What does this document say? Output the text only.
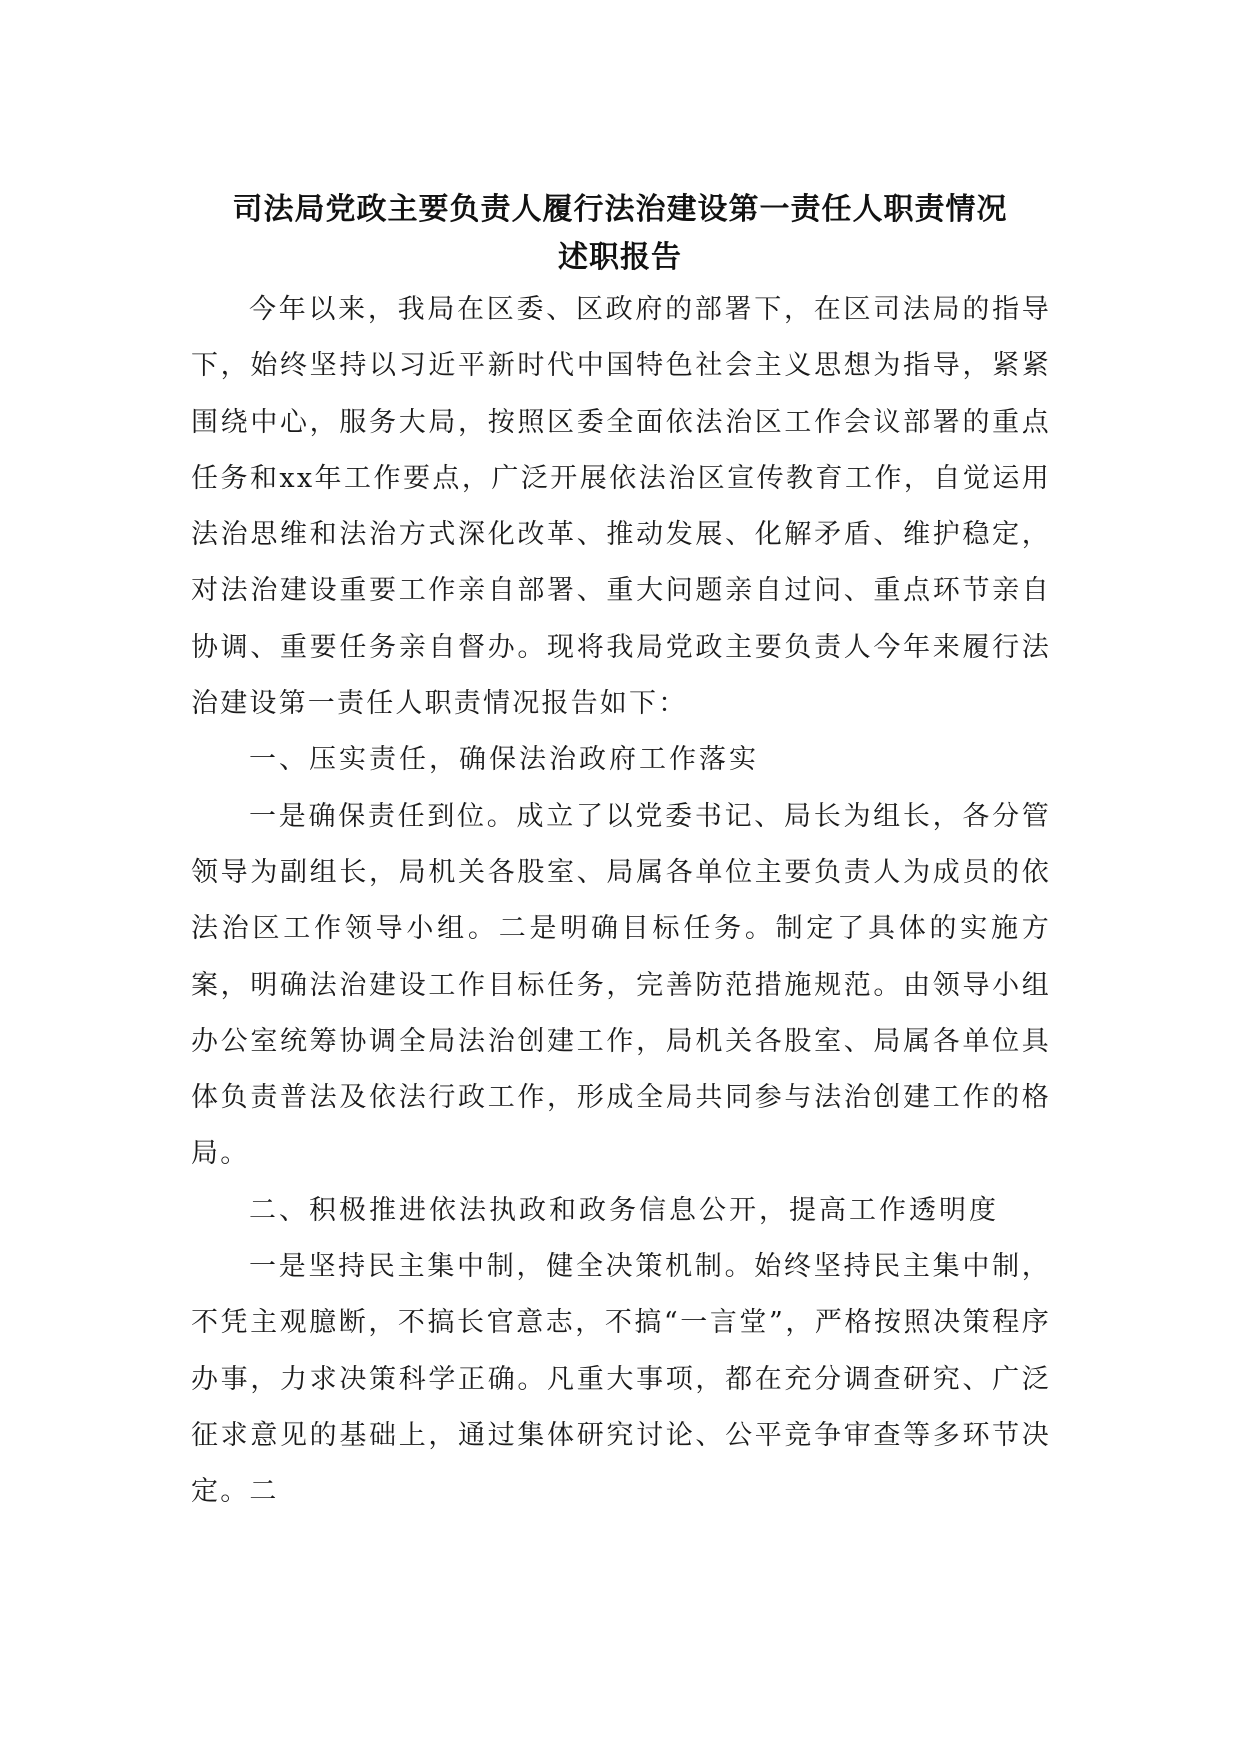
司法局党政主要负责人履行法治建设第一责任人职责情况
述职报告

今年以来，我局在区委、区政府的部署下，在区司法局的指导下，始终坚持以习近平新时代中国特色社会主义思想为指导，紧紧围绕中心，服务大局，按照区委全面依法治区工作会议部署的重点任务和xx年工作要点，广泛开展依法治区宣传教育工作，自觉运用法治思维和法治方式深化改革、推动发展、化解矛盾、维护稳定，对法治建设重要工作亲自部署、重大问题亲自过问、重点环节亲自协调、重要任务亲自督办。现将我局党政主要负责人今年来履行法治建设第一责任人职责情况报告如下：

一、压实责任，确保法治政府工作落实

一是确保责任到位。成立了以党委书记、局长为组长，各分管领导为副组长，局机关各股室、局属各单位主要负责人为成员的依法治区工作领导小组。二是明确目标任务。制定了具体的实施方案，明确法治建设工作目标任务，完善防范措施规范。由领导小组办公室统筹协调全局法治创建工作，局机关各股室、局属各单位具体负责普法及依法行政工作，形成全局共同参与法治创建工作的格局。

二、积极推进依法执政和政务信息公开，提高工作透明度

一是坚持民主集中制，健全决策机制。始终坚持民主集中制，不凭主观臆断，不搞长官意志，不搞“一言堂”，严格按照决策程序办事，力求决策科学正确。凡重大事项，都在充分调查研究、广泛征求意见的基础上，通过集体研究讨论、公平竞争审查等多环节决定。二
